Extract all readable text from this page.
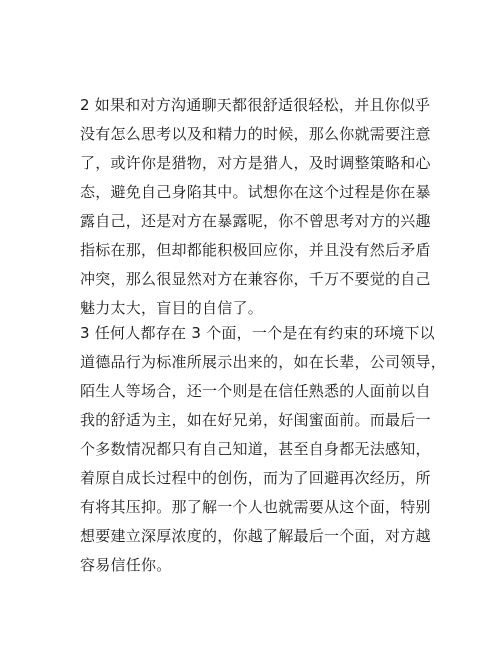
2 如果和对方沟通聊天都很舒适很轻松，并且你似乎
没有怎么思考以及和精力的时候，那么你就需要注意
了，或许你是猎物，对方是猎人，及时调整策略和心
态，避免自己身陷其中。试想你在这个过程是你在暴
露自己，还是对方在暴露呢，你不曾思考对方的兴趣
指标在那，但却都能积极回应你，并且没有然后矛盾
冲突，那么很显然对方在兼容你，千万不要觉的自己
魅力太大，盲目的自信了。

3 任何人都存在 3 个面，一个是在有约束的环境下以
道德品行为标准所展示出来的，如在长辈，公司领导，
陌生人等场合，还一个则是在信任熟悉的人面前以自
我的舒适为主，如在好兄弟，好闺蜜面前。而最后一
个多数情况都只有自己知道，甚至自身都无法感知，
着原自成长过程中的创伤，而为了回避再次经历，所
有将其压抑。那了解一个人也就需要从这个面，特别
想要建立深厚浓度的，你越了解最后一个面，对方越
容易信任你。
